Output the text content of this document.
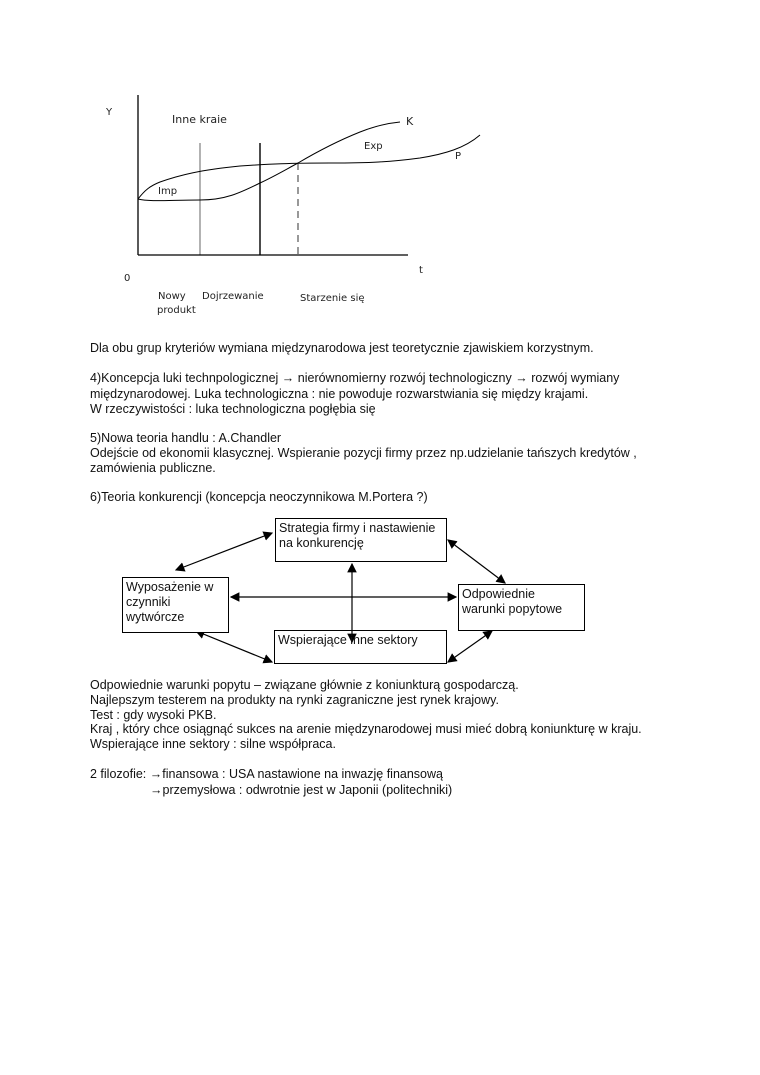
Y
Inne kraie	K
Exp
P
Imp
0
t
Nowy
produkt
Dojrzewanie	Starzenie się
Dla obu grup kryteriów wymiana międzynarodowa jest teoretycznie zjawiskiem korzystnym.
4)Koncepcja luki technpologicznej → nierównomierny rozwój technologiczny → rozwój wymiany
międzynarodowej. Luka technologiczna : nie powoduje rozwarstwiania się między krajami.
W rzeczywistości : luka technologiczna pogłębia się
5)Nowa teoria handlu : A.Chandler
Odejście od ekonomii klasycznej. Wspieranie pozycji firmy przez np.udzielanie tańszych kredytów ,
zamówienia publiczne.
6)Teoria konkurencji (koncepcja neoczynnikowa M.Portera ?)
Strategia firmy i nastawienie na konkurencję
Wyposażenie w czynniki wytwórcze
Odpowiednie warunki popytowe
Wspierające inne sektory
Odpowiednie warunki popytu – związane głównie z koniunkturą gospodarczą.
Najlepszym testerem na produkty na rynki zagraniczne jest rynek krajowy.
Test : gdy wysoki PKB.
Kraj , który chce osiągnąć sukces na arenie międzynarodowej musi mieć dobrą koniunkturę w kraju.
Wspierające inne sektory : silne współpraca.
2 filozofie: →finansowa : USA nastawione na inwazję finansową
→przemysłowa : odwrotnie jest w Japonii (politechniki)
